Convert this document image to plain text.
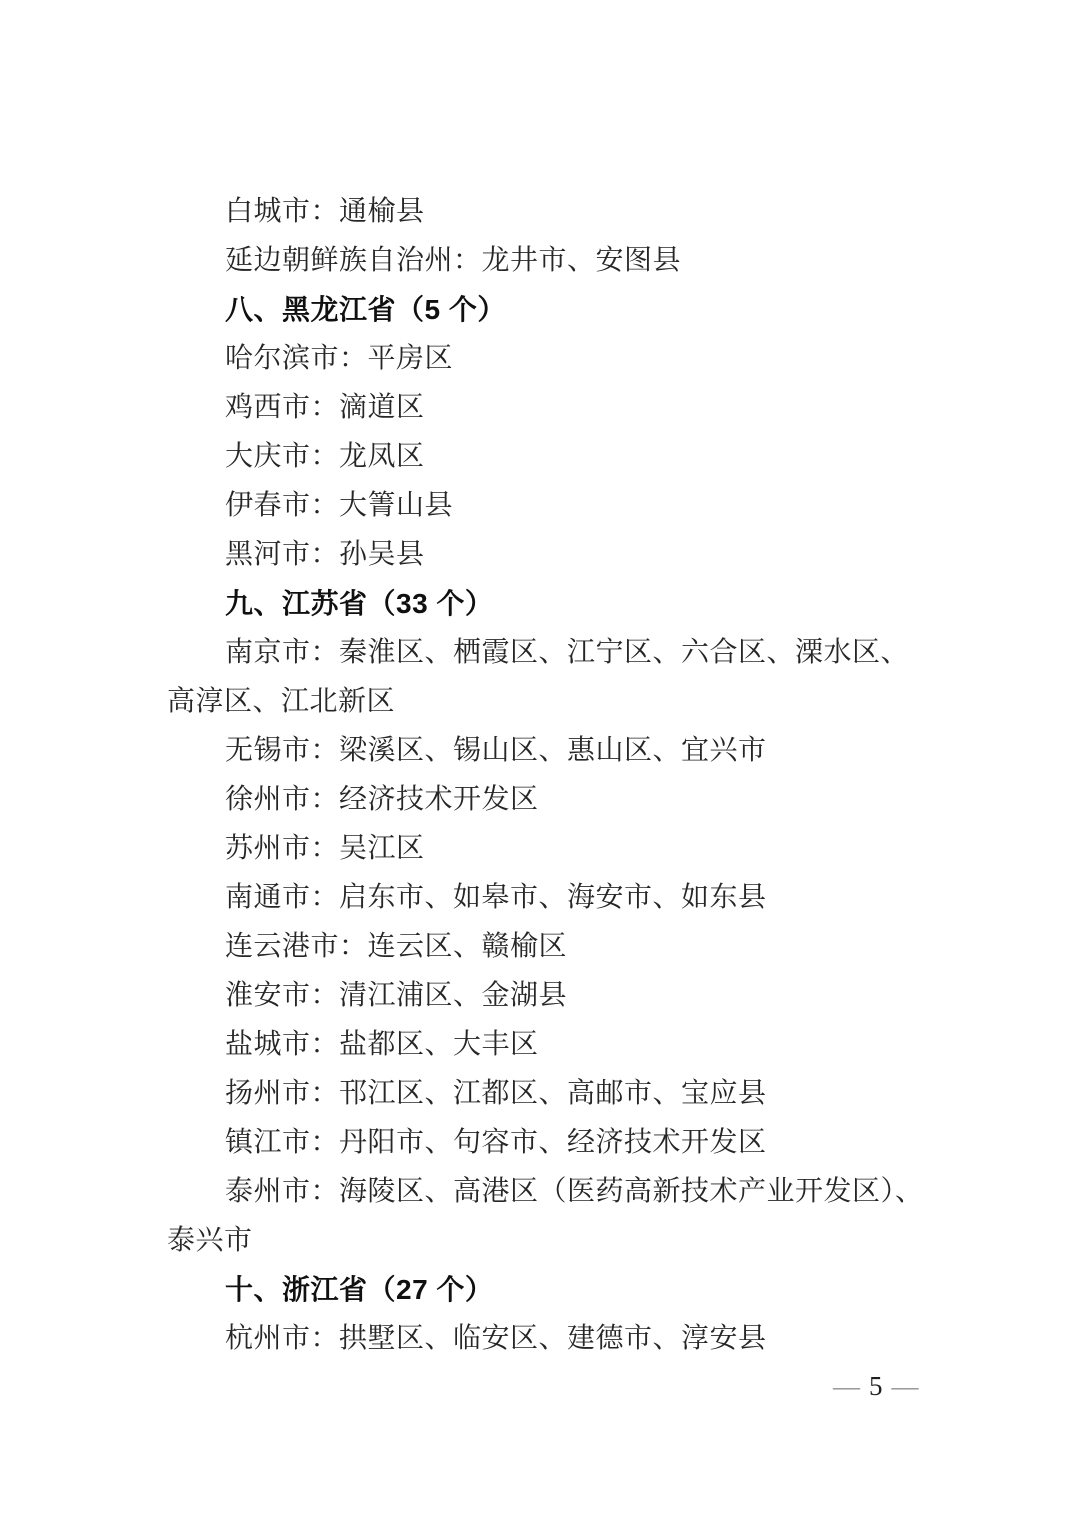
白城市：通榆县
延边朝鲜族自治州：龙井市、安图县
八、黑龙江省（5 个）
哈尔滨市：平房区
鸡西市：滴道区
大庆市：龙凤区
伊春市：大箐山县
黑河市：孙吴县
九、江苏省（33 个）
南京市：秦淮区、栖霞区、江宁区、六合区、溧水区、
高淳区、江北新区
无锡市：梁溪区、锡山区、惠山区、宜兴市
徐州市：经济技术开发区
苏州市：吴江区
南通市：启东市、如皋市、海安市、如东县
连云港市：连云区、赣榆区
淮安市：清江浦区、金湖县
盐城市：盐都区、大丰区
扬州市：邗江区、江都区、高邮市、宝应县
镇江市：丹阳市、句容市、经济技术开发区
泰州市：海陵区、高港区（医药高新技术产业开发区）、
泰兴市
十、浙江省（27 个）
杭州市：拱墅区、临安区、建德市、淳安县
— 5 —
